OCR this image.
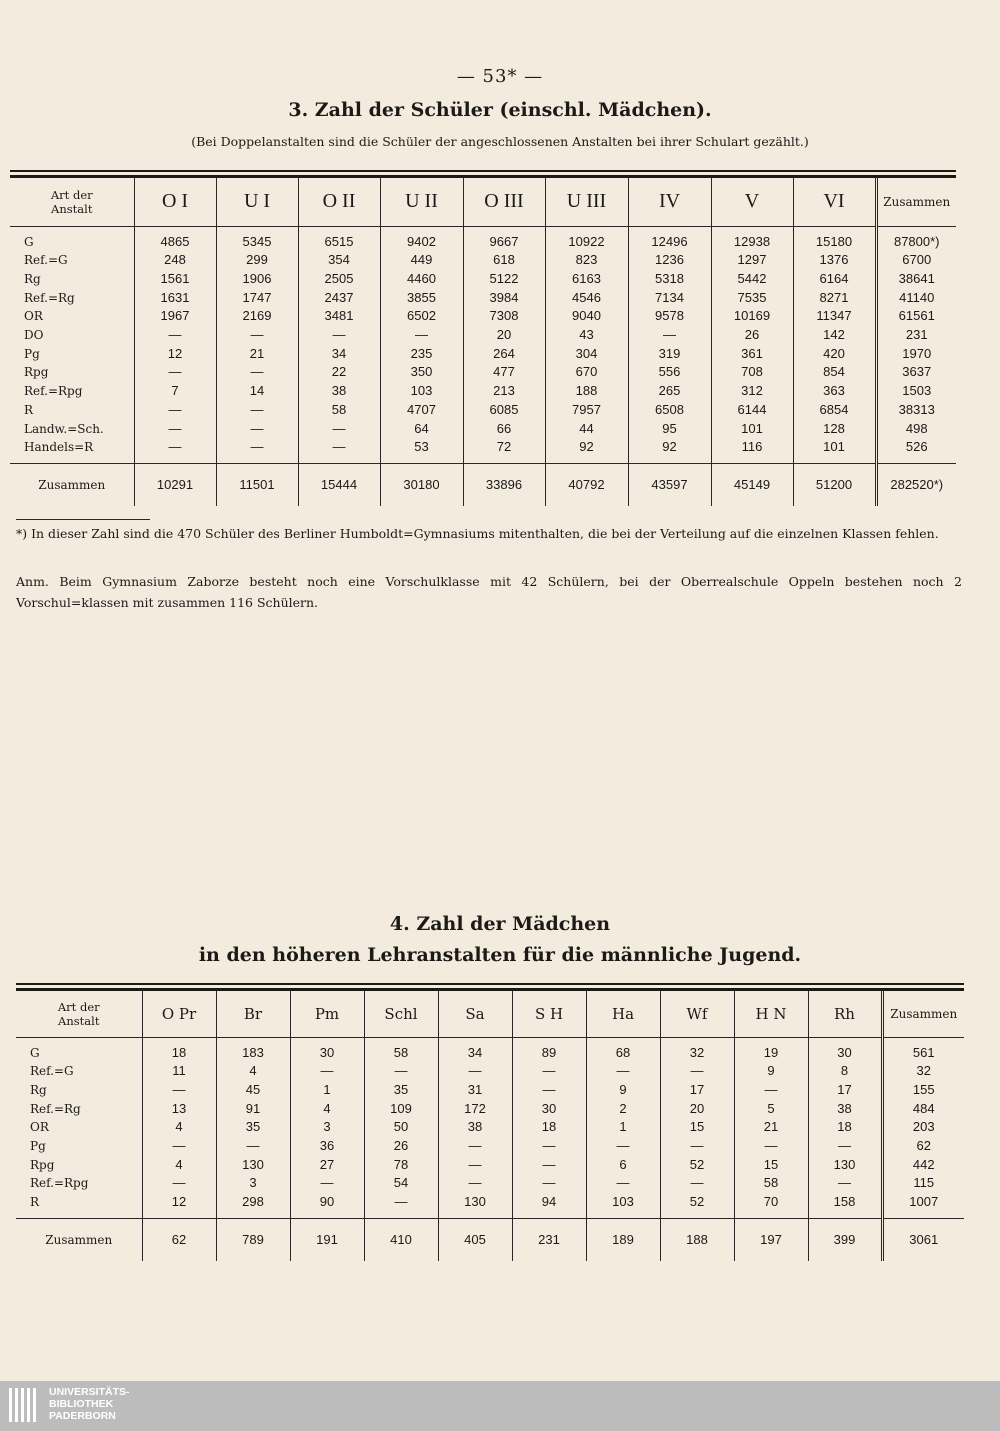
— 53* —
3. Zahl der Schüler (einschl. Mädchen).
(Bei Doppelanstalten sind die Schüler der angeschlossenen Anstalten bei ihrer Schulart gezählt.)
Art der
Anstalt	O I	U I	O II	U II	O III	U III	IV	V	VI	Zusammen
G	4865	5345	6515	9402	9667	10922	12496	12938	15180	87800*)
Ref.=G	248	299	354	449	618	823	1236	1297	1376	6700
Rg	1561	1906	2505	4460	5122	6163	5318	5442	6164	38641
Ref.=Rg	1631	1747	2437	3855	3984	4546	7134	7535	8271	41140
OR	1967	2169	3481	6502	7308	9040	9578	10169	11347	61561
DO	—	—	—	—	20	43	—	26	142	231
Pg	12	21	34	235	264	304	319	361	420	1970
Rpg	—	—	22	350	477	670	556	708	854	3637
Ref.=Rpg	7	14	38	103	213	188	265	312	363	1503
R	—	—	58	4707	6085	7957	6508	6144	6854	38313
Landw.=Sch.	—	—	—	64	66	44	95	101	128	498
Handels=R	—	—	—	53	72	92	92	116	101	526
Zusammen	10291	11501	15444	30180	33896	40792	43597	45149	51200	282520*)
*) In dieser Zahl sind die 470 Schüler des Berliner Humboldt=Gymnasiums mitenthalten, die bei der Verteilung auf die einzelnen Klassen fehlen.
Anm. Beim Gymnasium Zaborze besteht noch eine Vorschulklasse mit 42 Schülern, bei der Oberrealschule Oppeln bestehen noch 2 Vorschul=klassen mit zusammen 116 Schülern.
4. Zahl der Mädchen
in den höheren Lehranstalten für die männliche Jugend.
Art der
Anstalt	O Pr	Br	Pm	Schl	Sa	S H	Ha	Wf	H N	Rh	Zusammen
G	18	183	30	58	34	89	68	32	19	30	561
Ref.=G	11	4	—	—	—	—	—	—	9	8	32
Rg	—	45	1	35	31	—	9	17	—	17	155
Ref.=Rg	13	91	4	109	172	30	2	20	5	38	484
OR	4	35	3	50	38	18	1	15	21	18	203
Pg	—	—	36	26	—	—	—	—	—	—	62
Rpg	4	130	27	78	—	—	6	52	15	130	442
Ref.=Rpg	—	3	—	54	—	—	—	—	58	—	115
R	12	298	90	—	130	94	103	52	70	158	1007
Zusammen	62	789	191	410	405	231	189	188	197	399	3061
UNIVERSITÄTS-
BIBLIOTHEK
PADERBORN
